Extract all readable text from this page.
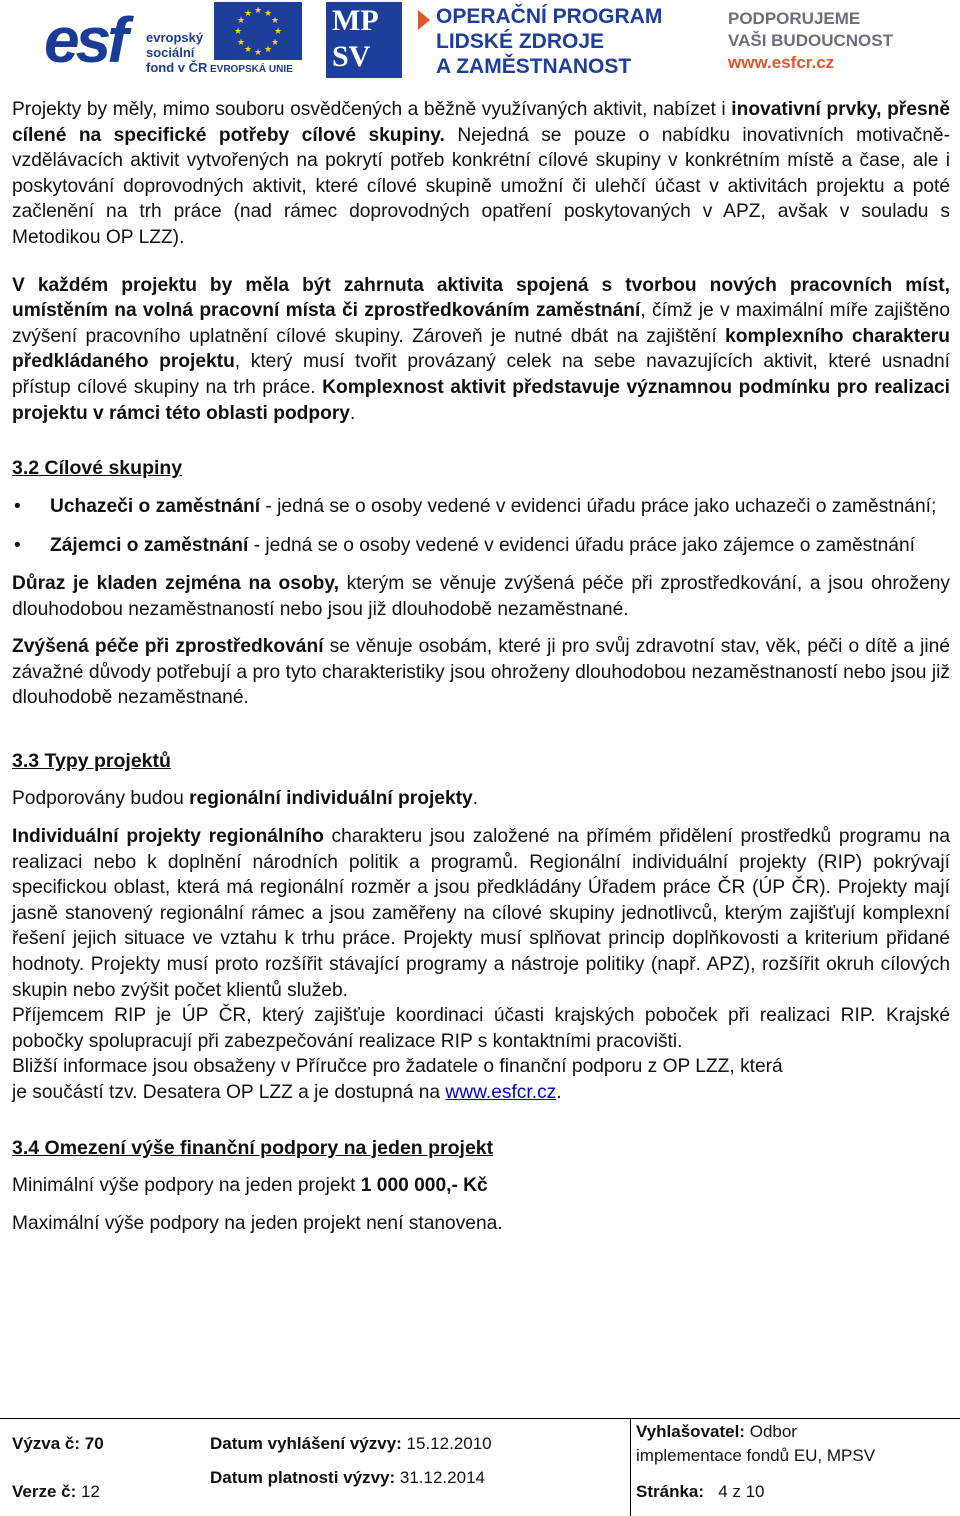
esf evropský
sociální
fond v ČR
★ ★
★
★
★
★
★
★
★
★
★
★
EVROPSKÁ UNIE
MP
SV
OPERAČNÍ PROGRAM
LIDSKÉ ZDROJE
A ZAMĚSTNANOST
PODPORUJEME
VAŠI BUDOUCNOST
www.esfcr.cz

Projekty by měly, mimo souboru osvědčených a běžně využívaných aktivit, nabízet i inovativní prvky, přesně cílené na specifické potřeby cílové skupiny. Nejedná se pouze o nabídku inovativních motivačně-vzdělávacích aktivit vytvořených na pokrytí potřeb konkrétní cílové skupiny v konkrétním místě a čase, ale i poskytování doprovodných aktivit, které cílové skupině umožní či ulehčí účast v aktivitách projektu a poté začlenění na trh práce (nad rámec doprovodných opatření poskytovaných v APZ, avšak v souladu s Metodikou OP LZZ).

V každém projektu by měla být zahrnuta aktivita spojená s tvorbou nových pracovních míst, umístěním na volná pracovní místa či zprostředkováním zaměstnání, čímž je v maximální míře zajištěno zvýšení pracovního uplatnění cílové skupiny. Zároveň je nutné dbát na zajištění komplexního charakteru předkládaného projektu, který musí tvořit provázaný celek na sebe navazujících aktivit, které usnadní přístup cílové skupiny na trh práce. Komplexnost aktivit představuje významnou podmínku pro realizaci projektu v rámci této oblasti podpory.

3.2 Cílové skupiny

• Uchazeči o zaměstnání - jedná se o osoby vedené v evidenci úřadu práce jako uchazeči o zaměstnání;
• Zájemci o zaměstnání - jedná se o osoby vedené v evidenci úřadu práce jako zájemce o zaměstnání

Důraz je kladen zejména na osoby, kterým se věnuje zvýšená péče při zprostředkování, a jsou ohroženy dlouhodobou nezaměstnaností nebo jsou již dlouhodobě nezaměstnané.

Zvýšená péče při zprostředkování se věnuje osobám, které ji pro svůj zdravotní stav, věk, péči o dítě a jiné závažné důvody potřebují a pro tyto charakteristiky jsou ohroženy dlouhodobou nezaměstnaností nebo jsou již dlouhodobě nezaměstnané.

3.3 Typy projektů

Podporovány budou regionální individuální projekty.

Individuální projekty regionálního charakteru jsou založené na přímém přidělení prostředků programu na realizaci nebo k doplnění národních politik a programů. Regionální individuální projekty (RIP) pokrývají specifickou oblast, která má regionální rozměr a jsou předkládány Úřadem práce ČR (ÚP ČR). Projekty mají jasně stanovený regionální rámec a jsou zaměřeny na cílové skupiny jednotlivců, kterým zajišťují komplexní řešení jejich situace ve vztahu k trhu práce. Projekty musí splňovat princip doplňkovosti a kriterium přidané hodnoty. Projekty musí proto rozšířit stávající programy a nástroje politiky (např. APZ), rozšířit okruh cílových skupin nebo zvýšit počet klientů služeb.

Příjemcem RIP je ÚP ČR, který zajišťuje koordinaci účasti krajských poboček při realizaci RIP. Krajské pobočky spolupracují při zabezpečování realizace RIP s kontaktními pracovišti.

Bližší informace jsou obsaženy v Příručce pro žadatele o finanční podporu z OP LZZ, která
je součástí tzv. Desatera OP LZZ a je dostupná na www.esfcr.cz.

3.4 Omezení výše finanční podpory na jeden projekt

Minimální výše podpory na jeden projekt 1 000 000,- Kč

Maximální výše podpory na jeden projekt není stanovena.

Výzva č: 70
Verze č: 12
Datum vyhlášení výzvy: 15.12.2010
Datum platnosti výzvy: 31.12.2014
Vyhlašovatel: Odbor
implementace fondů EU, MPSV
Stránka: 4 z 10
